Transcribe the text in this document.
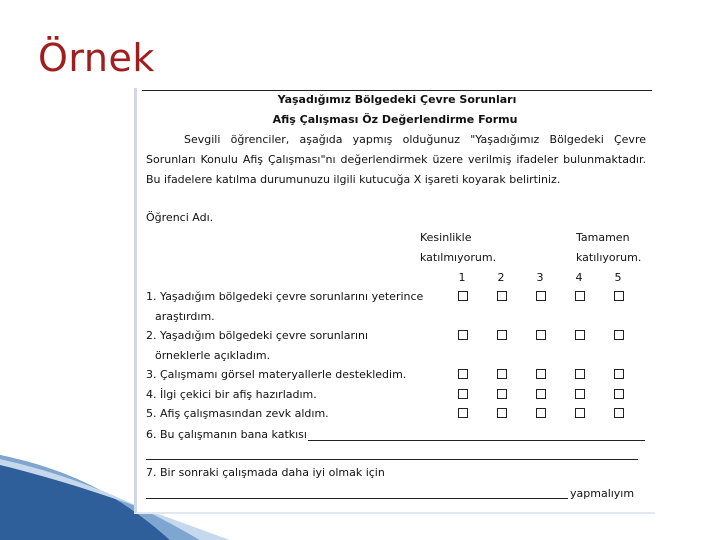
Örnek
Yaşadığımız Bölgedeki Çevre Sorunları
Afiş Çalışması Öz Değerlendirme Formu
Sevgili öğrenciler, aşağıda yapmış olduğunuz "Yaşadığımız Bölgedeki Çevre Sorunları Konulu Afiş Çalışması"nı değerlendirmek üzere verilmiş ifadeler bulunmaktadır. Bu ifadelere katılma durumunuzu ilgili kutucuğa X işareti koyarak belirtiniz.
Öğrenci Adı.
Kesinlikle
katılmıyorum.
Tamamen
katılıyorum.
1	2	3	4	5
1. Yaşadığım bölgedeki çevre sorunlarını yeterince
araştırdım.
2. Yaşadığım bölgedeki çevre sorunlarını
örneklerle açıkladım.
3. Çalışmamı görsel materyallerle destekledim.
4. İlgi çekici bir afiş hazırladım.
5. Afiş çalışmasından zevk aldım.
6. Bu çalışmanın bana katkısı
7. Bir sonraki çalışmada daha iyi olmak için
yapmalıyım
